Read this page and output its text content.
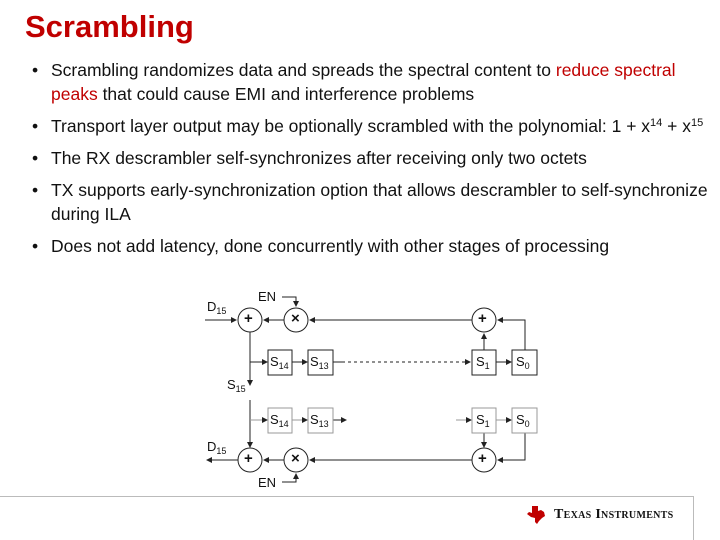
Scrambling
• Scrambling randomizes data and spreads the spectral content to reduce spectral peaks that could cause EMI and interference problems
• Transport layer output may be optionally scrambled with the polynomial: $1 + x^{14} + x^{15}$
• The RX descrambler self-synchronizes after receiving only two octets
• TX supports early-synchronization option that allows descrambler to self-synchronize during ILA
• Does not add latency, done concurrently with other stages of processing
$D_{15}$
EN
+	×	+
$S_{14}$ $S_{13}$	$S_1$ $S_0$
$S_{15}$
$S_{14}$ $S_{13}$	$S_1$ $S_0$
$D_{15}$ +	×	+
EN
Texas Instruments
